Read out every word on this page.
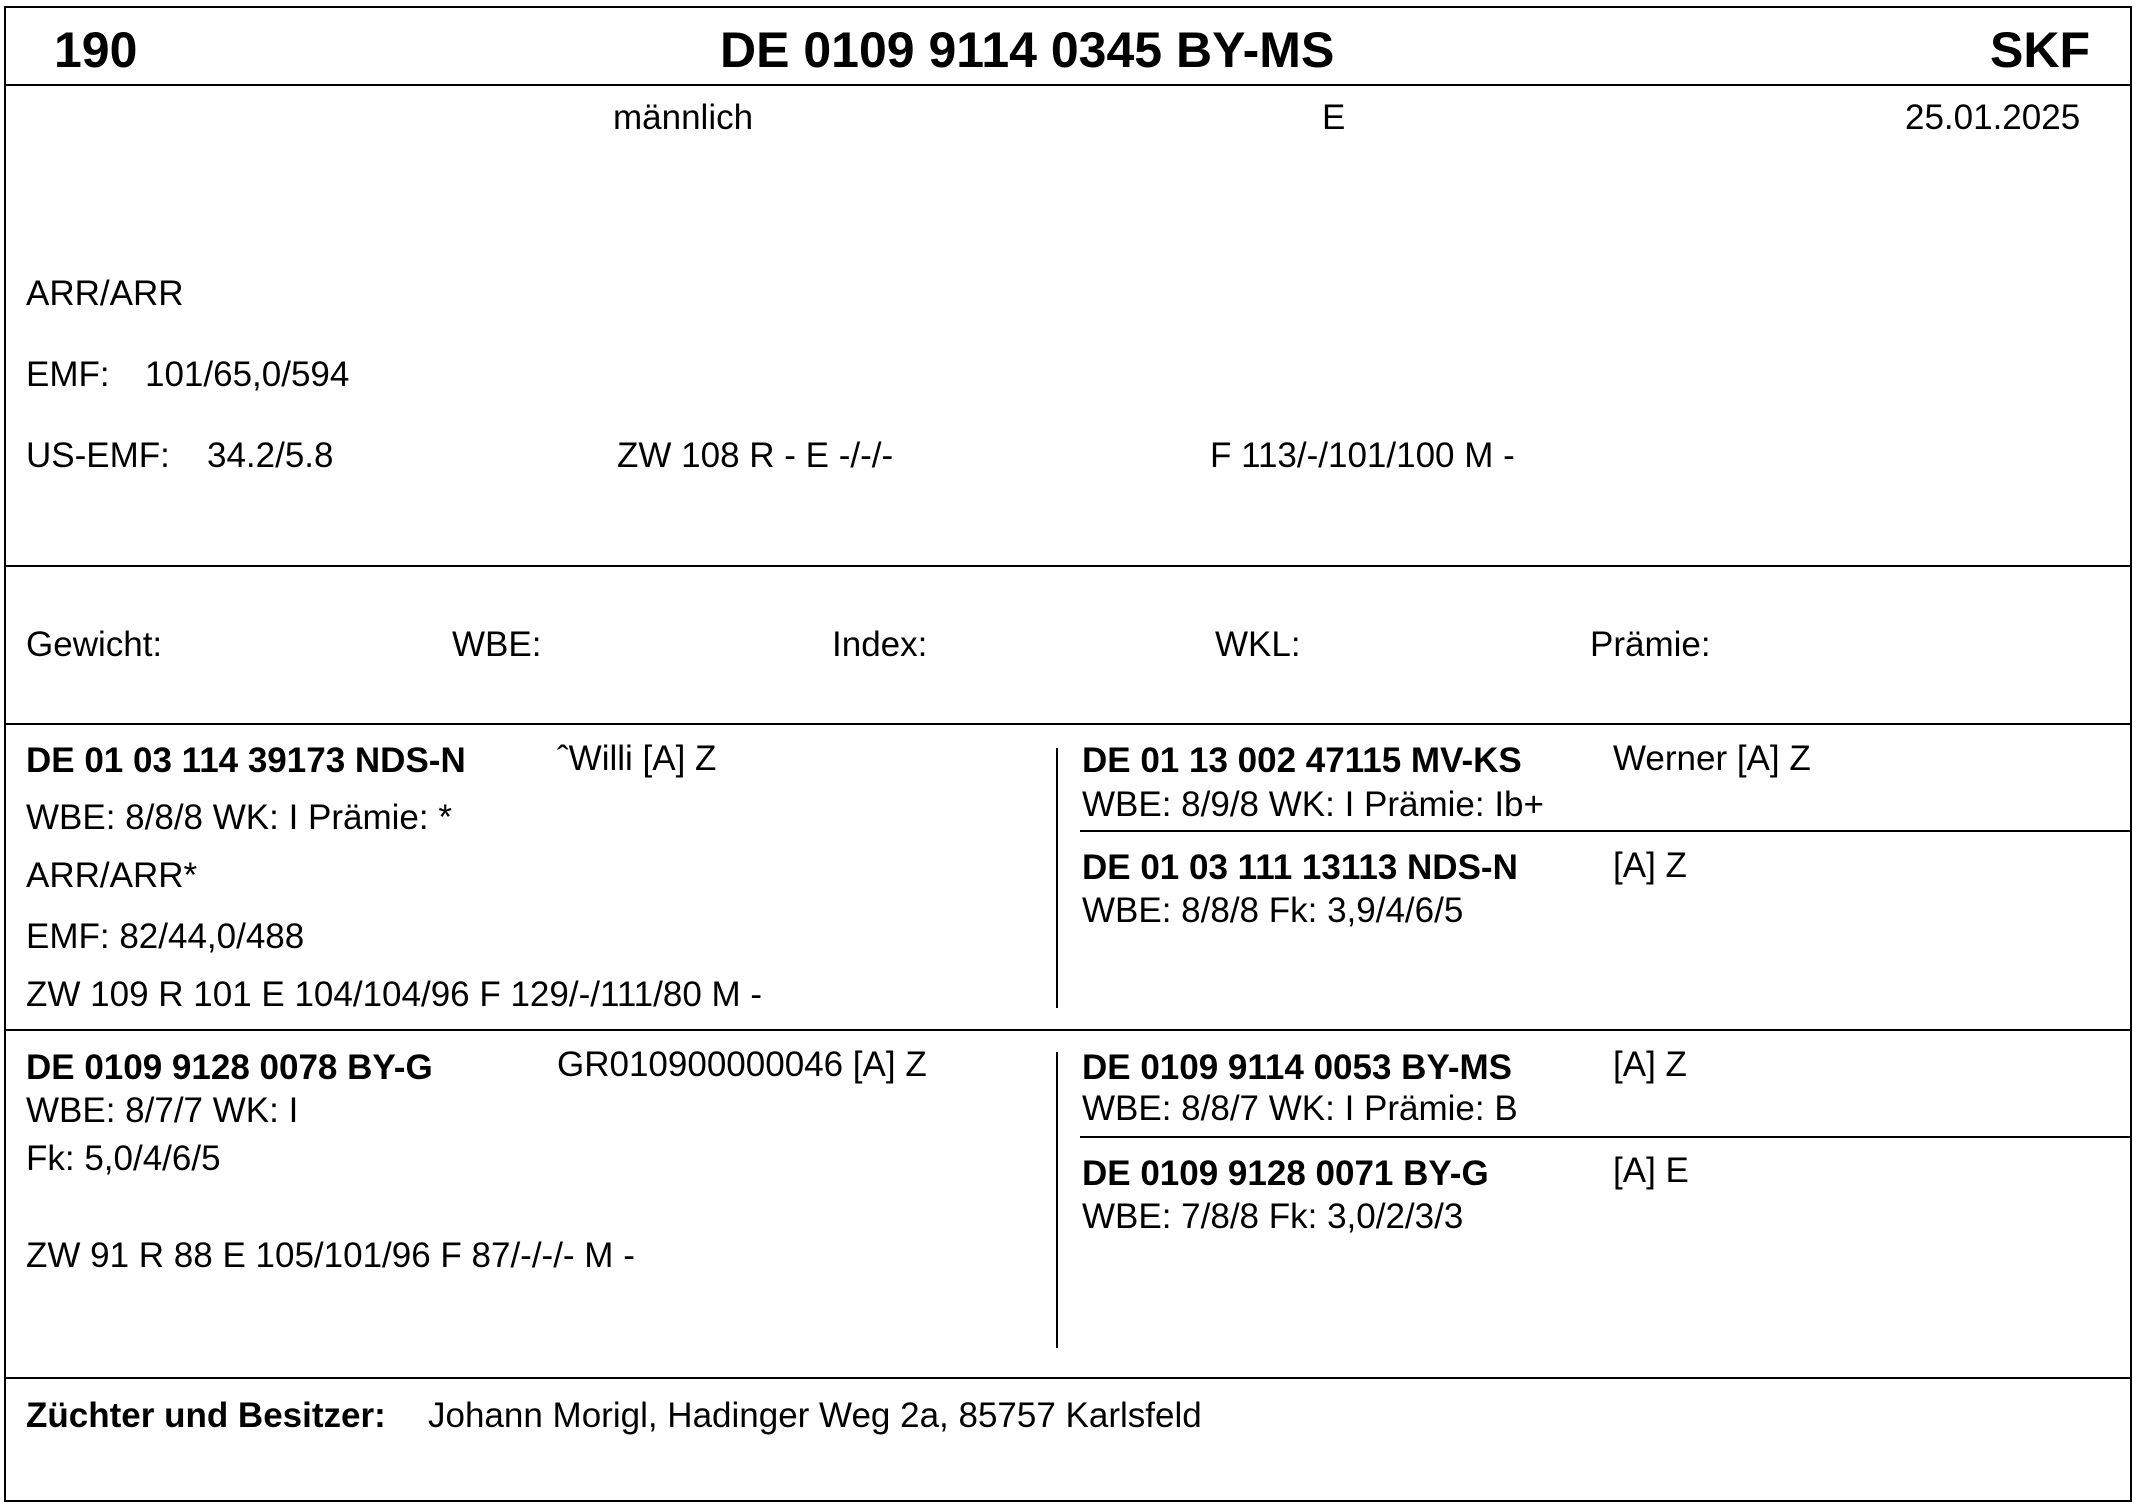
190	DE 0109 9114 0345 BY-MS	SKF
männlich	E	25.01.2025
ARR/ARR
EMF: 101/65,0/594
US-EMF: 34.2/5.8	ZW 108 R - E -/-/-	F 113/-/101/100 M -
Gewicht:	WBE:	Index:	WKL:	Prämie:
DE 01 03 114 39173 NDS-N	ˆWilli [A] Z
WBE: 8/8/8 WK: I Prämie: *
ARR/ARR*
EMF: 82/44,0/488
ZW 109 R 101 E 104/104/96 F 129/-/111/80 M -
DE 01 13 002 47115 MV-KS	Werner [A] Z
WBE: 8/9/8 WK: I Prämie: Ib+
DE 01 03 111 13113 NDS-N	[A] Z
WBE: 8/8/8 Fk: 3,9/4/6/5
DE 0109 9128 0078 BY-G	GR010900000046 [A] Z
WBE: 8/7/7 WK: I
Fk: 5,0/4/6/5
ZW 91 R 88 E 105/101/96 F 87/-/-/- M -
DE 0109 9114 0053 BY-MS	[A] Z
WBE: 8/8/7 WK: I Prämie: B
DE 0109 9128 0071 BY-G	[A] E
WBE: 7/8/8 Fk: 3,0/2/3/3
Züchter und Besitzer: Johann Morigl, Hadinger Weg 2a, 85757 Karlsfeld
